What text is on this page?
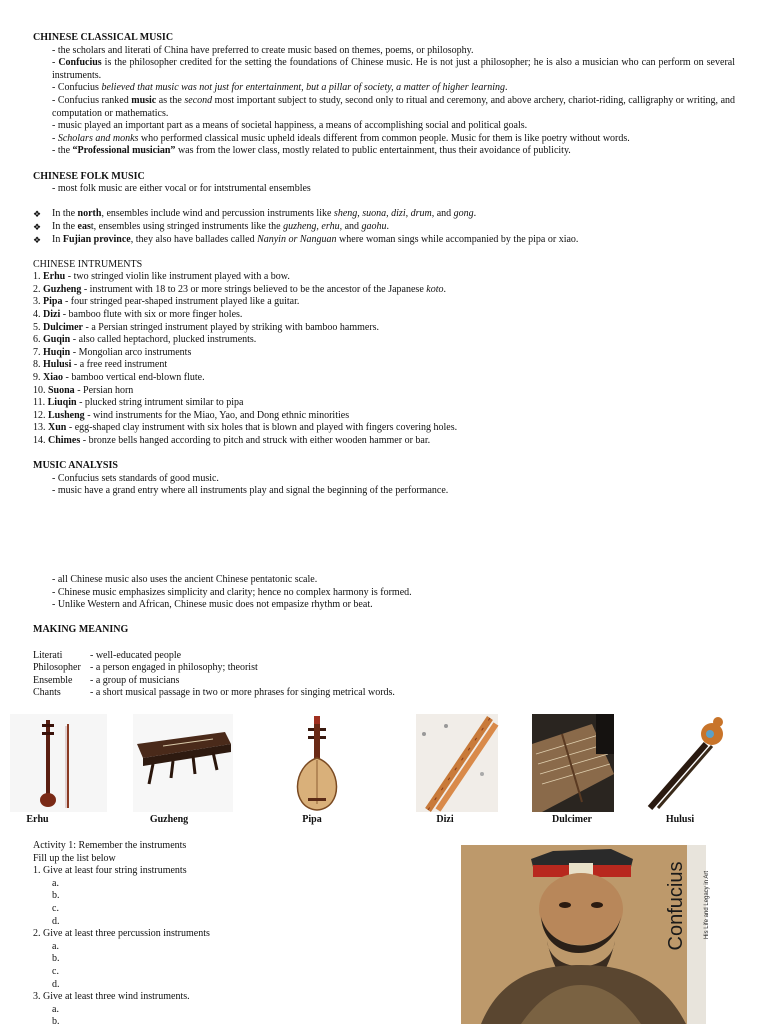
CHINESE CLASSICAL MUSIC

- the scholars and literati of China have preferred to create music based on themes, poems, or philosophy.

- Confucius is the philosopher credited for the setting the foundations of Chinese music. He is not just a philosopher; he is also a musician who can perform on several instruments.

- Confucius believed that music was not just for entertainment, but a pillar of society, a matter of higher learning.

- Confucius ranked music as the second most important subject to study, second only to ritual and ceremony, and above archery, chariot-riding, calligraphy or writing, and computation or mathematics.

- music played an important part as a means of societal happiness, a means of accomplishing social and political goals.

- Scholars and monks who performed classical music upheld ideals different from common people. Music for them is like poetry without words.

- the “Professional musician” was from the lower class, mostly related to public entertainment, thus their avoidance of publicity.

CHINESE FOLK MUSIC

- most folk music are either vocal or for intstrumental ensembles

❖ In the north, ensembles include wind and percussion instruments like sheng, suona, dizi, drum, and gong.

❖ In the east, ensembles using stringed instruments like the guzheng, erhu, and gaohu.

❖ In Fujian province, they also have ballades called Nanyin or Nanguan where woman sings while accompanied by the pipa or xiao.

CHINESE INTRUMENTS

1. Erhu - two stringed violin like instrument played with a bow.

2. Guzheng - instrument with 18 to 23 or more strings believed to be the ancestor of the Japanese koto.

3. Pipa - four stringed pear-shaped instrument played like a guitar.

4. Dizi - bamboo flute with six or more finger holes.

5. Dulcimer - a Persian stringed instrument played by striking with bamboo hammers.

6. Guqin - also called heptachord, plucked instruments.

7. Huqin - Mongolian arco instruments

8. Hulusi - a free reed instrument

9. Xiao - bamboo vertical end-blown flute.

10. Suona - Persian horn

11. Liuqin - plucked string intrument similar to pipa

12. Lusheng - wind instruments for the Miao, Yao, and Dong ethnic minorities

13. Xun - egg-shaped clay instrument with six holes that is blown and played with fingers covering holes.

14. Chimes - bronze bells hanged according to pitch and struck with either wooden hammer or bar.

MUSIC ANALYSIS

- Confucius sets standards of good music.

- music have a grand entry where all instruments play and signal the beginning of the performance.

- all Chinese music also uses the ancient Chinese pentatonic scale.

- Chinese music emphasizes simplicity and clarity; hence no complex harmony is formed.

- Unlike Western and African, Chinese music does not empasize rhythm or beat.

MAKING MEANING

Literati	- well-educated people
Philosopher - a person engaged in philosophy; theorist
Ensemble	- a group of musicians
Chants	- a short musical passage in two or more phrases for singing metrical words.
Erhu	Guzheng	Pipa	Dizi	Dulcimer	Hulusi

Activity 1: Remember the instruments

Fill up the list below

1. Give at least four string instruments

a.

b.

c.

d.

2. Give at least three percussion instruments

a.

b.

c.

d.

3. Give at least three wind instruments.

a.

b.

Confucius	His Life and Legacy in Art
